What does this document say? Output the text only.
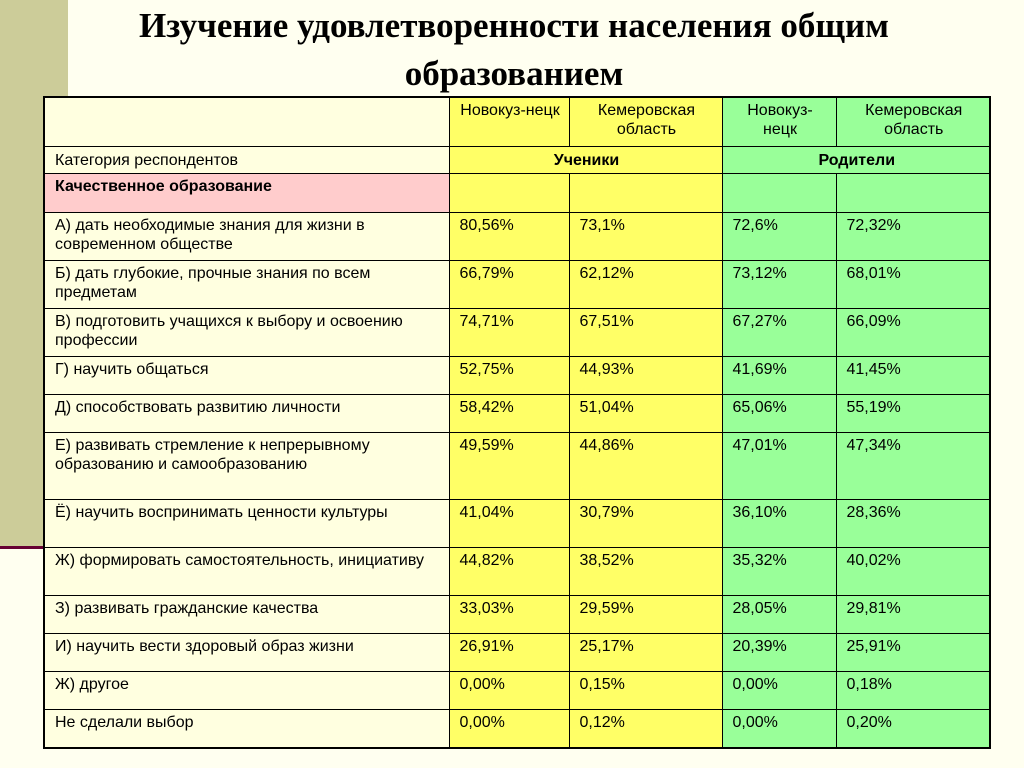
Изучение удовлетворенности населения общим образованием
	Новокуз-нецк	Кемеровская область	Новокуз-нецк	Кемеровская область
Категория респондентов	Ученики		Родители	
Качественное образование				
А) дать необходимые знания для жизни в современном обществе	80,56%	73,1%	72,6%	72,32%
Б) дать глубокие, прочные знания по всем предметам	66,79%	62,12%	73,12%	68,01%
В) подготовить учащихся к выбору и освоению профессии	74,71%	67,51%	67,27%	66,09%
Г) научить общаться	52,75%	44,93%	41,69%	41,45%
Д) способствовать развитию личности	58,42%	51,04%	65,06%	55,19%
Е) развивать стремление к непрерывному образованию и самообразованию	49,59%	44,86%	47,01%	47,34%
Ё) научить воспринимать ценности культуры	41,04%	30,79%	36,10%	28,36%
Ж) формировать самостоятельность, инициативу	44,82%	38,52%	35,32%	40,02%
З) развивать гражданские качества	33,03%	29,59%	28,05%	29,81%
И) научить вести здоровый образ жизни	26,91%	25,17%	20,39%	25,91%
Ж) другое	0,00%	0,15%	0,00%	0,18%
Не сделали выбор	0,00%	0,12%	0,00%	0,20%
